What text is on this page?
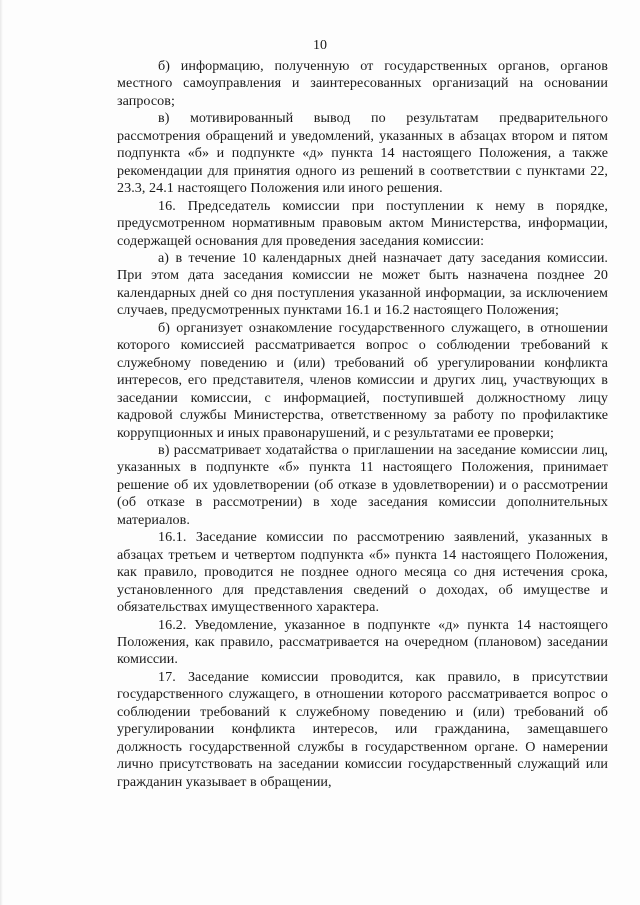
10

б) информацию, полученную от государственных органов, органов местного самоуправления и заинтересованных организаций на основании запросов;

в) мотивированный вывод по результатам предварительного рассмотрения обращений и уведомлений, указанных в абзацах втором и пятом подпункта «б» и подпункте «д» пункта 14 настоящего Положения, а также рекомендации для принятия одного из решений в соответствии с пунктами 22, 23.3, 24.1 настоящего Положения или иного решения.

16. Председатель комиссии при поступлении к нему в порядке, предусмотренном нормативным правовым актом Министерства, информации, содержащей основания для проведения заседания комиссии:

а) в течение 10 календарных дней назначает дату заседания комиссии. При этом дата заседания комиссии не может быть назначена позднее 20 календарных дней со дня поступления указанной информации, за исключением случаев, предусмотренных пунктами 16.1 и 16.2 настоящего Положения;

б) организует ознакомление государственного служащего, в отношении которого комиссией рассматривается вопрос о соблюдении требований к служебному поведению и (или) требований об урегулировании конфликта интересов, его представителя, членов комиссии и других лиц, участвующих в заседании комиссии, с информацией, поступившей должностному лицу кадровой службы Министерства, ответственному за работу по профилактике коррупционных и иных правонарушений, и с результатами ее проверки;

в) рассматривает ходатайства о приглашении на заседание комиссии лиц, указанных в подпункте «б» пункта 11 настоящего Положения, принимает решение об их удовлетворении (об отказе в удовлетворении) и о рассмотрении (об отказе в рассмотрении) в ходе заседания комиссии дополнительных материалов.

16.1. Заседание комиссии по рассмотрению заявлений, указанных в абзацах третьем и четвертом подпункта «б» пункта 14 настоящего Положения, как правило, проводится не позднее одного месяца со дня истечения срока, установленного для представления сведений о доходах, об имуществе и обязательствах имущественного характера.

16.2. Уведомление, указанное в подпункте «д» пункта 14 настоящего Положения, как правило, рассматривается на очередном (плановом) заседании комиссии.

17. Заседание комиссии проводится, как правило, в присутствии государственного служащего, в отношении которого рассматривается вопрос о соблюдении требований к служебному поведению и (или) требований об урегулировании конфликта интересов, или гражданина, замещавшего должность государственной службы в государственном органе. О намерении лично присутствовать на заседании комиссии государственный служащий или гражданин указывает в обращении,
